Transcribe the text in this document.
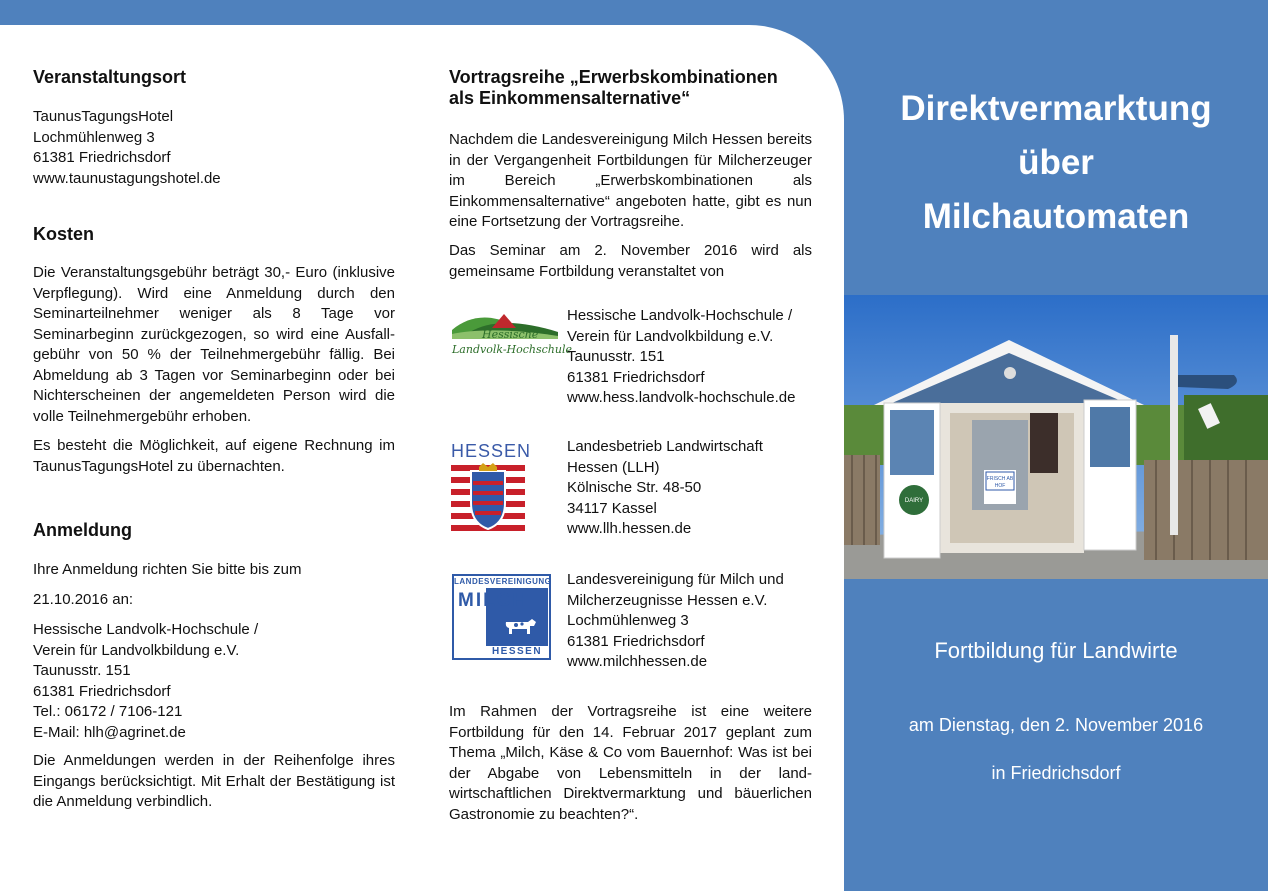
Veranstaltungsort
TaunusTagungsHotel
Lochmühlenweg 3
61381 Friedrichsdorf
www.taunustagungshotel.de
Kosten

Die Veranstaltungsgebühr beträgt 30,- Euro (inklusive Verpflegung). Wird eine Anmeldung durch den Seminarteilnehmer weniger als 8 Tage vor Seminarbeginn zurückgezogen, so wird eine Ausfall-gebühr von 50 % der Teilnehmergebühr fällig. Bei Abmeldung ab 3 Tagen vor Seminarbeginn oder bei Nichterscheinen der angemeldeten Person wird die volle Teilnehmergebühr erhoben.

Es besteht die Möglichkeit, auf eigene Rechnung im TaunusTagungsHotel zu übernachten.

Anmeldung

Ihre Anmeldung richten Sie bitte bis zum

21.10.2016 an:

Hessische Landvolk-Hochschule /
Verein für Landvolkbildung e.V.
Taunusstr. 151
61381 Friedrichsdorf
Tel.: 06172 / 7106-121
E-Mail: hlh@agrinet.de

Die Anmeldungen werden in der Reihenfolge ihres Eingangs berücksichtigt. Mit Erhalt der Bestätigung ist die Anmeldung verbindlich.

Vortragsreihe „Erwerbskombinationen
als Einkommensalternative“

Nachdem die Landesvereinigung Milch Hessen bereits in der Vergangenheit Fortbildungen für Milcherzeuger im Bereich „Erwerbskombinationen als Einkommensalternative“ angeboten hatte, gibt es nun eine Fortsetzung der Vortragsreihe.

Das Seminar am 2. November 2016 wird als gemeinsame Fortbildung veranstaltet von

Im Rahmen der Vortragsreihe ist eine weitere Fortbildung für den 14. Februar 2017 geplant zum Thema „Milch, Käse & Co vom Bauernhof: Was ist bei der Abgabe von Lebensmitteln in der land-wirtschaftlichen Direktvermarktung und bäuerlichen Gastronomie zu beachten?“.

Hessische
Landvolk-Hochschule
Hessische Landvolk-Hochschule /
Verein für Landvolkbildung e.V.
Taunusstr. 151
61381 Friedrichsdorf
www.hess.landvolk-hochschule.de
HESSEN Landesbetrieb Landwirtschaft
Hessen (LLH)
Kölnische Str. 48-50
34117 Kassel
www.llh.hessen.de
LANDESVEREINIGUNG
MILCH
HESSEN
Landesvereinigung für Milch und
Milcherzeugnisse Hessen e.V.
Lochmühlenweg 3
61381 Friedrichsdorf
www.milchhessen.de
Direktvermarktung
über
Milchautomaten
DAIRY
FRISCH AB
HOF
Fortbildung für Landwirte
am Dienstag, den 2. November 2016
in Friedrichsdorf
